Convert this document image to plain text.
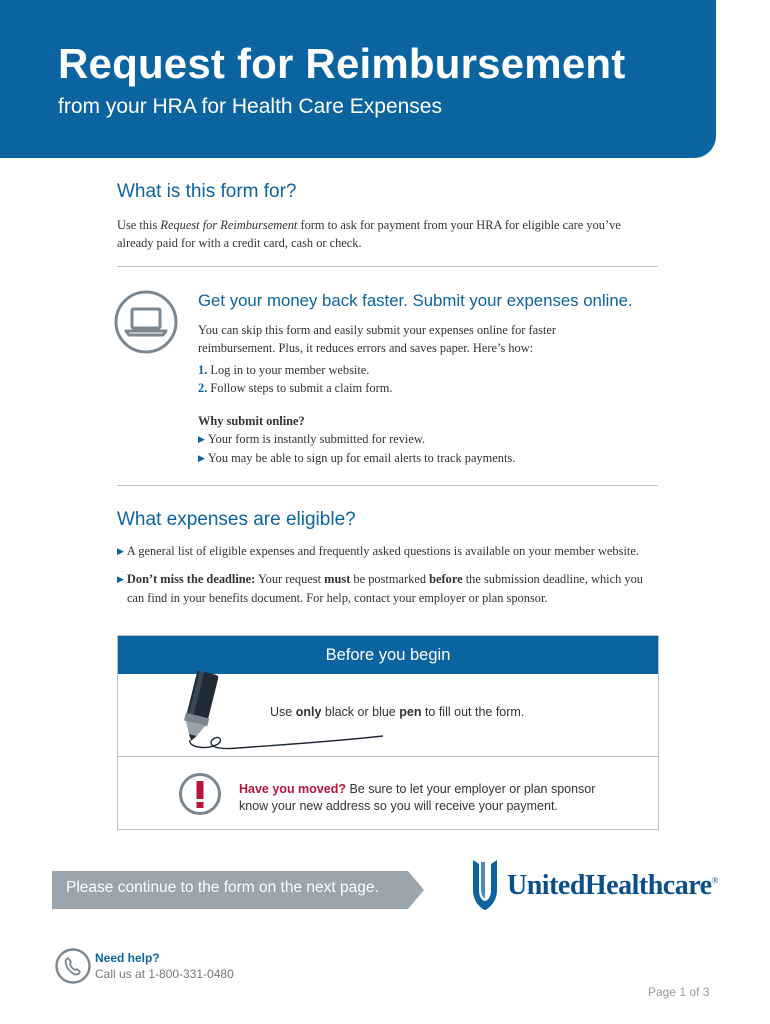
Request for Reimbursement
from your HRA for Health Care Expenses
What is this form for?
Use this Request for Reimbursement form to ask for payment from your HRA for eligible care you’ve
already paid for with a credit card, cash or check.
Get your money back faster. Submit your expenses online.
You can skip this form and easily submit your expenses online for faster
reimbursement. Plus, it reduces errors and saves paper. Here’s how:
1. Log in to your member website.
2. Follow steps to submit a claim form.
Why submit online?
▶ Your form is instantly submitted for review.
▶ You may be able to sign up for email alerts to track payments.
What expenses are eligible?
▶ A general list of eligible expenses and frequently asked questions is available on your member website.
▶ Don’t miss the deadline: Your request must be postmarked before the submission deadline, which you
can find in your benefits document. For help, contact your employer or plan sponsor.
Before you begin
Use only black or blue pen to fill out the form.
Have you moved? Be sure to let your employer or plan sponsor
know your new address so you will receive your payment.
Please continue to the form on the next page.	UnitedHealthcare®
Need help?
Call us at 1-800-331-0480
Page 1 of 3
